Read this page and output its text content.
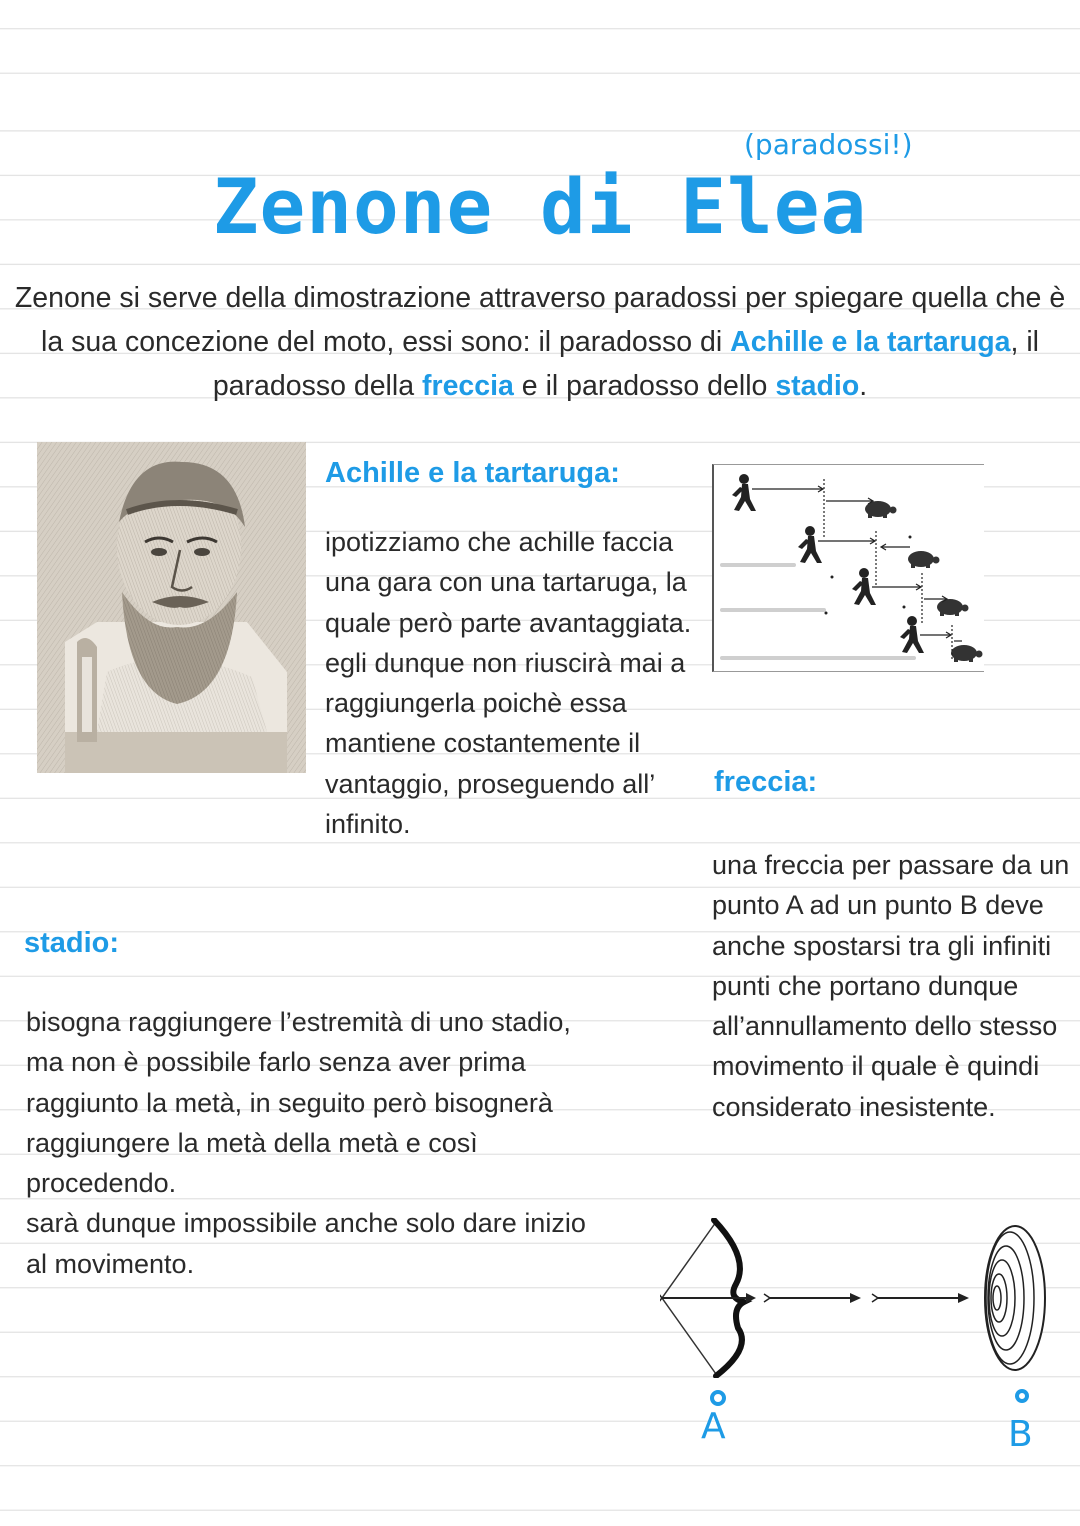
(paradossi!)
Zenone di Elea
Zenone si serve della dimostrazione attraverso paradossi per spiegare quella che è la sua concezione del moto, essi sono: il paradosso di Achille e la tartaruga, il paradosso della freccia e il paradosso dello stadio.
Achille e la tartaruga:
ipotizziamo che achille faccia una gara con una tartaruga, la quale però parte avantaggiata. egli dunque non riuscirà mai a raggiungerla poichè essa mantiene costantemente il vantaggio, proseguendo all’ infinito.
freccia:
una freccia per passare da un punto A ad un punto B deve anche spostarsi tra gli infiniti punti che portano dunque all’annullamento dello stesso movimento il quale è quindi considerato inesistente.
stadio:
bisogna raggiungere l’estremità di uno stadio, ma non è possibile farlo senza aver prima raggiunto la metà, in seguito però bisognerà raggiungere la metà della metà e così procedendo.
sarà dunque impossibile anche solo dare inizio al movimento.
A	B
